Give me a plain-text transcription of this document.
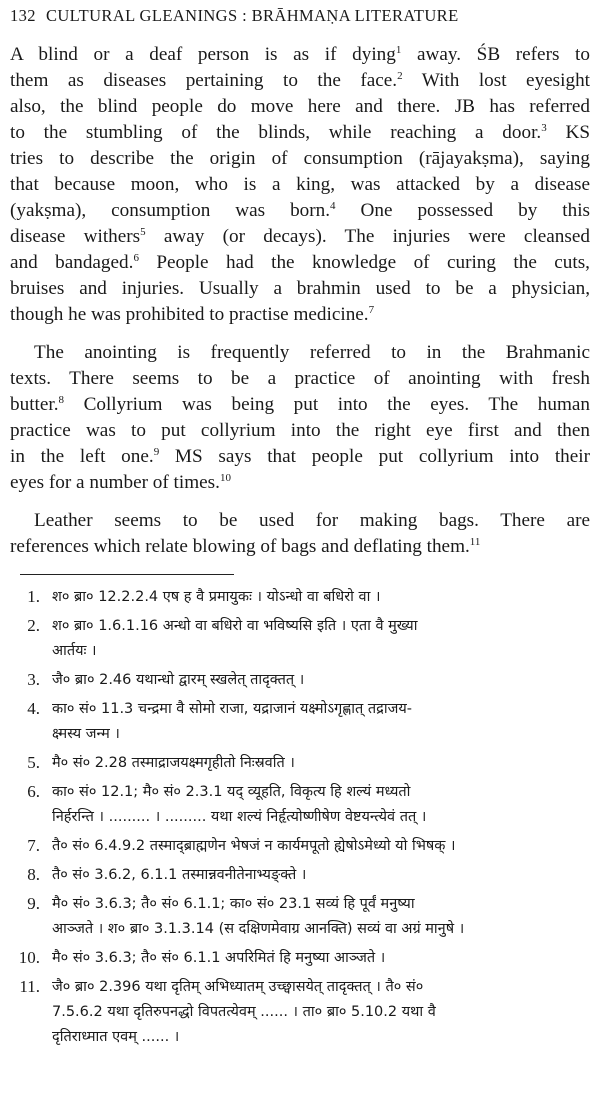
132 CULTURAL GLEANINGS : BRĀHMAṆA LITERATURE

A blind or a deaf person is as if dying$^1$ away. ŚB refers to
them as diseases pertaining to the face.$^2$ With lost eyesight
also, the blind people do move here and there. JB has referred
to the stumbling of the blinds, while reaching a door.$^3$ KS
tries to describe the origin of consumption (rājayakṣma), saying
that because moon, who is a king, was attacked by a disease
(yakṣma), consumption was born.$^4$ One possessed by this
disease withers$^5$ away (or decays). The injuries were cleansed
and bandaged.$^6$ People had the knowledge of curing the cuts,
bruises and injuries. Usually a brahmin used to be a physician,
though he was prohibited to practise medicine.$^7$

The anointing is frequently referred to in the Brahmanic
texts. There seems to be a practice of anointing with fresh
butter.$^8$ Collyrium was being put into the eyes. The human
practice was to put collyrium into the right eye first and then
in the left one.$^9$ MS says that people put collyrium into their
eyes for a number of times.$^{10}$

Leather seems to be used for making bags. There are
references which relate blowing of bags and deflating them.$^{11}$

1. श० ब्रा० 12.2.2.4 एष ह वै प्रमायुकः । योऽन्धो वा बधिरो वा ।
2. श० ब्रा० 1.6.1.16 अन्धो वा बधिरो वा भविष्यसि इति । एता वै मुख्या
आर्तयः ।
3. जै० ब्रा० 2.46 यथान्धो द्वारम् स्खलेत् तादृक्तत् ।
4. का० सं० 11.3 चन्द्रमा वै सोमो राजा, यद्राजानं यक्ष्मोऽगृह्णात् तद्राजय-
क्ष्मस्य जन्म ।
5. मै० सं० 2.28 तस्माद्राजयक्ष्मगृहीतो निःस्रवति ।
6. का० सं० 12.1; मै० सं० 2.3.1 यद् व्यूहति, विकृत्य हि शल्यं मध्यतो
निर्हरन्ति । ......... । ......... यथा शल्यं निर्हृत्योष्णीषेण वेष्टयन्त्येवं तत् ।
7. तै० सं० 6.4.9.2 तस्माद्ब्राह्मणेन भेषजं न कार्यमपूतो ह्येषोऽमेध्यो यो भिषक् ।
8. तै० सं० 3.6.2, 6.1.1 तस्मान्नवनीतेनाभ्यङ्क्ते ।
9. मै० सं० 3.6.3; तै० सं० 6.1.1; का० सं० 23.1 सव्यं हि पूर्वं मनुष्या
आञ्जते । श० ब्रा० 3.1.3.14 (स दक्षिणमेवाग्र आनक्ति) सव्यं वा अग्रं मानुषे ।
10. मै० सं० 3.6.3; तै० सं० 6.1.1 अपरिमितं हि मनुष्या आञ्जते ।
11. जै० ब्रा० 2.396 यथा दृतिम् अभिध्यातम् उच्छ्वासयेत् तादृक्तत् । तै० सं०
7.5.6.2 यथा दृतिरुपनद्धो विपतत्येवम् ...... । ता० ब्रा० 5.10.2 यथा वै
दृतिराध्मात एवम् ...... ।
